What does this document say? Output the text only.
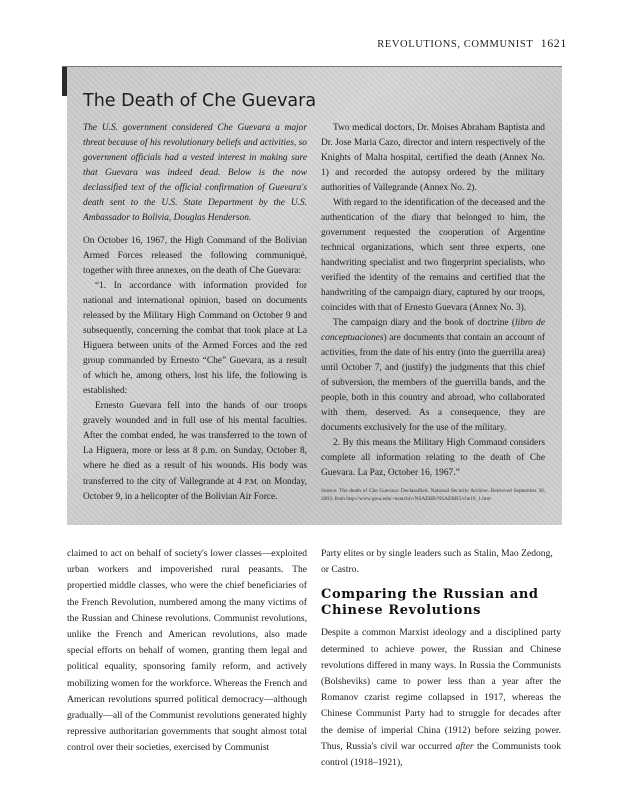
REVOLUTIONS, COMMUNIST 1621
The Death of Che Guevara

The U.S. government considered Che Guevara a major threat because of his revolutionary beliefs and activities, so government officials had a vested interest in making sure that Guevara was indeed dead. Below is the now declassified text of the official confirmation of Guevara's death sent to the U.S. State Department by the U.S. Ambassador to Bolivia, Douglas Henderson.

On October 16, 1967, the High Command of the Bolivian Armed Forces released the following communiqué, together with three annexes, on the death of Che Guevara:

“1. In accordance with information provided for national and international opinion, based on documents released by the Military High Command on October 9 and subsequently, concerning the combat that took place at La Higuera between units of the Armed Forces and the red group commanded by Ernesto “Che” Guevara, as a result of which he, among others, lost his life, the following is established:

Ernesto Guevara fell into the hands of our troops gravely wounded and in full use of his mental faculties. After the combat ended, he was transferred to the town of La Higuera, more or less at 8 p.m. on Sunday, October 8, where he died as a result of his wounds. His body was transferred to the city of Vallegrande at 4 P.M. on Monday, October 9, in a helicopter of the Bolivian Air Force.

Two medical doctors, Dr. Moises Abraham Baptista and Dr. Jose Maria Cazo, director and intern respectively of the Knights of Malta hospital, certified the death (Annex No. 1) and recorded the autopsy ordered by the military authorities of Vallegrande (Annex No. 2).

With regard to the identification of the deceased and the authentication of the diary that belonged to him, the government requested the cooperation of Argentine technical organizations, which sent three experts, one handwriting specialist and two fingerprint specialists, who verified the identity of the remains and certified that the handwriting of the campaign diary, captured by our troops, coincides with that of Ernesto Guevara (Annex No. 3).

The campaign diary and the book of doctrine (libro de conceptuaciones) are documents that contain an account of activities, from the date of his entry (into the guerrilla area) until October 7, and (justify) the judgments that this chief of subversion, the members of the guerrilla bands, and the people, both in this country and abroad, who collaborated with them, deserved. As a consequence, they are documents exclusively for the use of the military.

2. By this means the Military High Command considers complete all information relating to the death of Che Guevara. La Paz, October 16, 1967.”

Source: The death of Che Guevara: Declassified. National Security Archive. Retrieved September 30, 2003, from http://www.gwu.edu/~nsarchiv/NSAEBB/NSAEBB5/che10_1.htm

claimed to act on behalf of society's lower classes—exploited urban workers and impoverished rural peasants. The propertied middle classes, who were the chief beneficiaries of the French Revolution, numbered among the many victims of the Russian and Chinese revolutions. Communist revolutions, unlike the French and American revolutions, also made special efforts on behalf of women, granting them legal and political equality, sponsoring family reform, and actively mobilizing women for the workforce. Whereas the French and American revolutions spurred political democracy—although gradually—all of the Communist revolutions generated highly repressive authoritarian governments that sought almost total control over their societies, exercised by Communist

Party elites or by single leaders such as Stalin, Mao Zedong, or Castro.

Comparing the Russian and Chinese Revolutions

Despite a common Marxist ideology and a disciplined party determined to achieve power, the Russian and Chinese revolutions differed in many ways. In Russia the Communists (Bolsheviks) came to power less than a year after the Romanov czarist regime collapsed in 1917, whereas the Chinese Communist Party had to struggle for decades after the demise of imperial China (1912) before seizing power. Thus, Russia's civil war occurred after the Communists took control (1918–1921),
